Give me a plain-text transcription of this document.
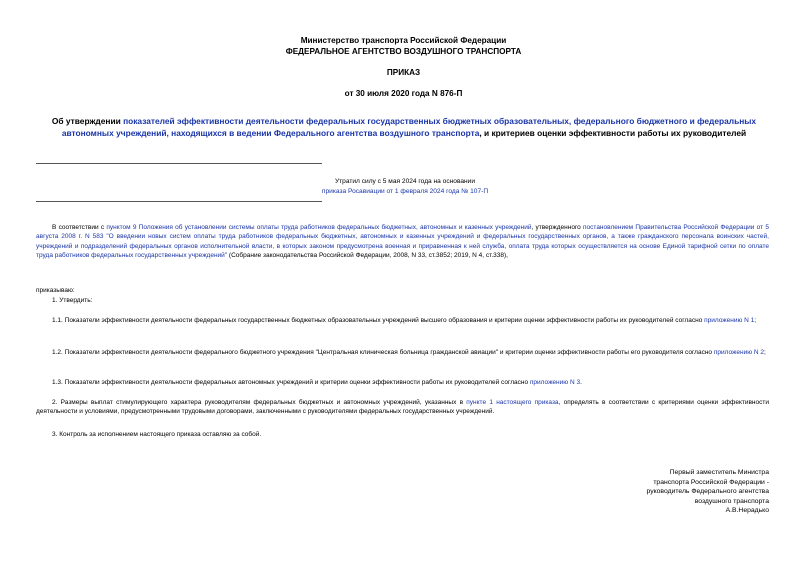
Министерство транспорта Российской Федерации
ФЕДЕРАЛЬНОЕ АГЕНТСТВО ВОЗДУШНОГО ТРАНСПОРТА
ПРИКАЗ
от 30 июля 2020 года N 876-П
Об утверждении показателей эффективности деятельности федеральных государственных бюджетных образовательных, федерального бюджетного и федеральных автономных учреждений, находящихся в ведении Федерального агентства воздушного транспорта, и критериев оценки эффективности работы их руководителей
Утратил силу с 5 мая 2024 года на основании
приказа Росавиации от 1 февраля 2024 года № 107-П
В соответствии с пунктом 9 Положения об установлении системы оплаты труда работников федеральных бюджетных, автономных и казенных учреждений, утвержденного постановлением Правительства Российской Федерации от 5 августа 2008 г. N 583 "О введении новых систем оплаты труда работников федеральных бюджетных, автономных и казенных учреждений и федеральных государственных органов, а также гражданского персонала воинских частей, учреждений и подразделений федеральных органов исполнительной власти, в которых законом предусмотрена военная и приравненная к ней служба, оплата труда которых осуществляется на основе Единой тарифной сетки по оплате труда работников федеральных государственных учреждений" (Собрание законодательства Российской Федерации, 2008, N 33, ст.3852; 2019, N 4, ст.338),
приказываю:
1. Утвердить:
1.1. Показатели эффективности деятельности федеральных государственных бюджетных образовательных учреждений высшего образования и критерии оценки эффективности работы их руководителей согласно приложению N 1;
1.2. Показатели эффективности деятельности федерального бюджетного учреждения "Центральная клиническая больница гражданской авиации" и критерии оценки эффективности работы его руководителя согласно приложению N 2;
1.3. Показатели эффективности деятельности федеральных автономных учреждений и критерии оценки эффективности работы их руководителей согласно приложению N 3.
2. Размеры выплат стимулирующего характера руководителям федеральных бюджетных и автономных учреждений, указанных в пункте 1 настоящего приказа, определять в соответствии с критериями оценки эффективности деятельности и условиями, предусмотренными трудовыми договорами, заключенными с руководителями федеральных государственных учреждений.
3. Контроль за исполнением настоящего приказа оставляю за собой.
Первый заместитель Министра
транспорта Российской Федерации -
руководитель Федерального агентства
воздушного транспорта
А.В.Нерадько
